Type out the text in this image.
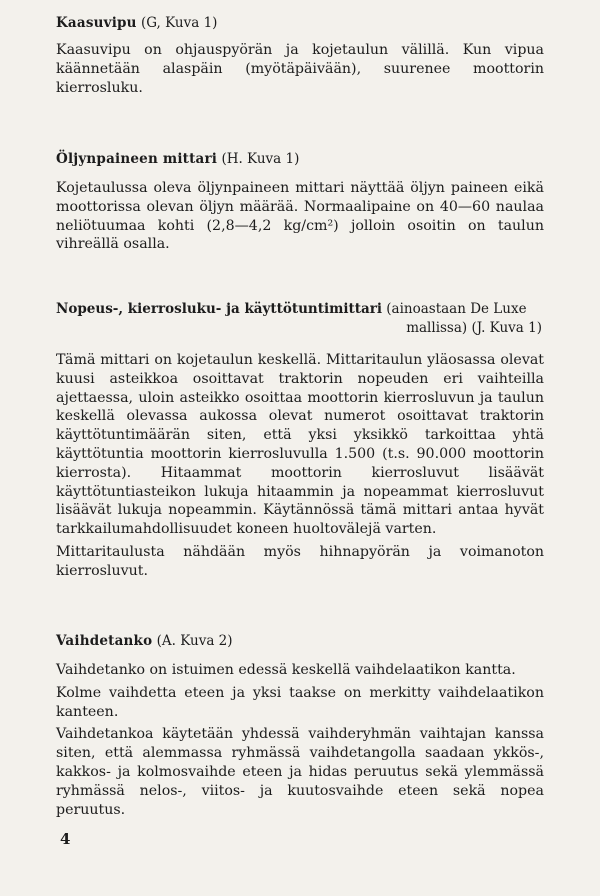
Kaasuvipu (G, Kuva 1)

Kaasuvipu on ohjauspyörän ja kojetaulun välillä. Kun vipua käännetään alaspäin (myötäpäivään), suurenee moottorin kierrosluku.

Öljynpaineen mittari (H. Kuva 1)

Kojetaulussa oleva öljynpaineen mittari näyttää öljyn paineen eikä moottorissa olevan öljyn määrää. Normaalipaine on 40—60 naulaa neliötuumaa kohti (2,8—4,2 kg/cm²) jolloin osoitin on taulun vihreällä osalla.

Nopeus-, kierrosluku- ja käyttötuntimittari (ainoastaan De Luxe
mallissa) (J. Kuva 1)

Tämä mittari on kojetaulun keskellä. Mittaritaulun yläosassa olevat kuusi asteikkoa osoittavat traktorin nopeuden eri vaihteilla ajettaessa, uloin asteikko osoittaa moottorin kierrosluvun ja taulun keskellä olevassa aukossa olevat numerot osoittavat traktorin käyttötuntimäärän siten, että yksi yksikkö tarkoittaa yhtä käyttötuntia moottorin kierrosluvulla 1.500 (t.s. 90.000 moottorin kierrosta). Hitaammat moottorin kierrosluvut lisäävät käyttötuntiasteikon lukuja hitaammin ja nopeammat kierrosluvut lisäävät lukuja nopeammin. Käytännössä tämä mittari antaa hyvät tarkkailumahdollisuudet koneen huoltovälejä varten.

Mittaritaulusta nähdään myös hihnapyörän ja voimanoton kierrosluvut.

Vaihdetanko (A. Kuva 2)

Vaihdetanko on istuimen edessä keskellä vaihdelaatikon kantta.

Kolme vaihdetta eteen ja yksi taakse on merkitty vaihdelaatikon kanteen.

Vaihdetankoa käytetään yhdessä vaihderyhmän vaihtajan kanssa siten, että alemmassa ryhmässä vaihdetangolla saadaan ykkös-, kakkos- ja kolmosvaihde eteen ja hidas peruutus sekä ylemmässä ryhmässä nelos-, viitos- ja kuutosvaihde eteen sekä nopea peruutus.

4
